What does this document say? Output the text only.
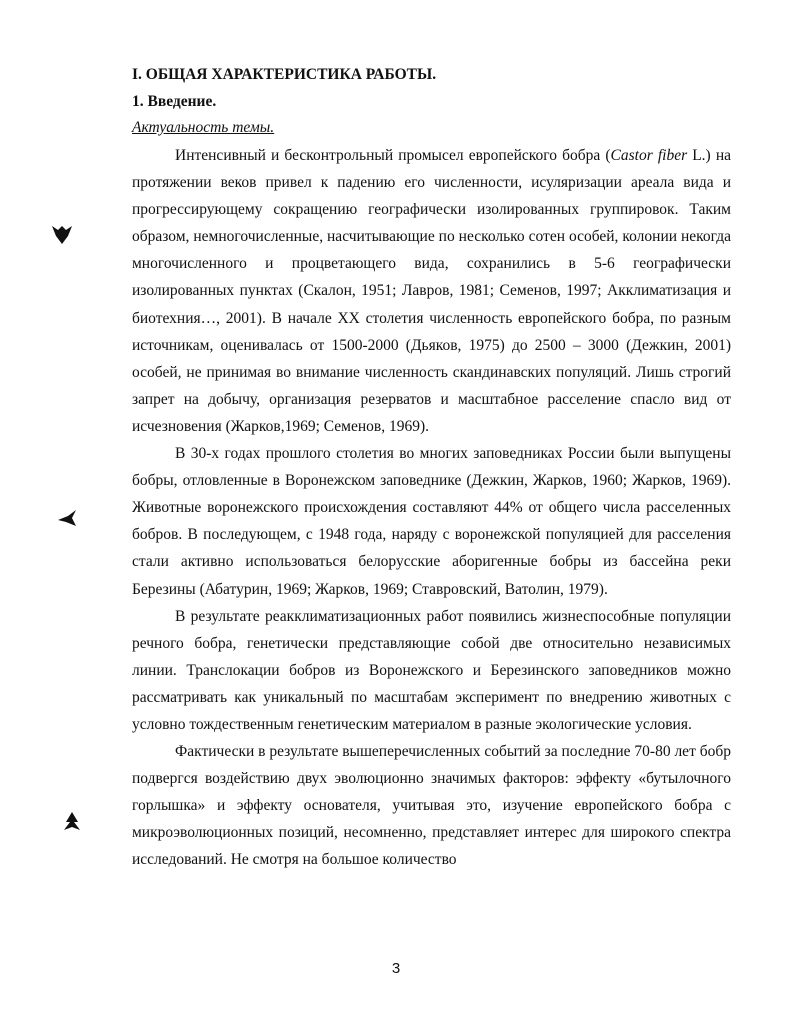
I. ОБЩАЯ ХАРАКТЕРИСТИКА РАБОТЫ.

1. Введение.

Актуальность темы.

Интенсивный и бесконтрольный промысел европейского бобра (Castor fiber L.) на протяжении веков привел к падению его численности, исуляризации ареала вида и прогрессирующему сокращению географически изолированных группировок. Таким образом, немногочисленные, насчитывающие по несколько сотен особей, колонии некогда многочисленного и процветающего вида, сохранились в 5-6 географически изолированных пунктах (Скалон, 1951; Лавров, 1981; Семенов, 1997; Акклиматизация и биотехния…, 2001). В начале XX столетия численность европейского бобра, по разным источникам, оценивалась от 1500-2000 (Дьяков, 1975) до 2500 – 3000 (Дежкин, 2001) особей, не принимая во внимание численность скандинавских популяций. Лишь строгий запрет на добычу, организация резерватов и масштабное расселение спасло вид от исчезновения (Жарков,1969; Семенов, 1969).

В 30-х годах прошлого столетия во многих заповедниках России были выпущены бобры, отловленные в Воронежском заповеднике (Дежкин, Жарков, 1960; Жарков, 1969). Животные воронежского происхождения составляют 44% от общего числа расселенных бобров. В последующем, с 1948 года, наряду с воронежской популяцией для расселения стали активно использоваться белорусские аборигенные бобры из бассейна реки Березины (Абатурин, 1969; Жарков, 1969; Ставровский, Ватолин, 1979).

В результате реакклиматизационных работ появились жизнеспособные популяции речного бобра, генетически представляющие собой две относительно независимых линии. Транслокации бобров из Воронежского и Березинского заповедников можно рассматривать как уникальный по масштабам эксперимент по внедрению животных с условно тождественным генетическим материалом в разные экологические условия.

Фактически в результате вышеперечисленных событий за последние 70-80 лет бобр подвергся воздействию двух эволюционно значимых факторов: эффекту «бутылочного горлышка» и эффекту основателя, учитывая это, изучение европейского бобра с микроэволюционных позиций, несомненно, представляет интерес для широкого спектра исследований. Не смотря на большое количество

3
